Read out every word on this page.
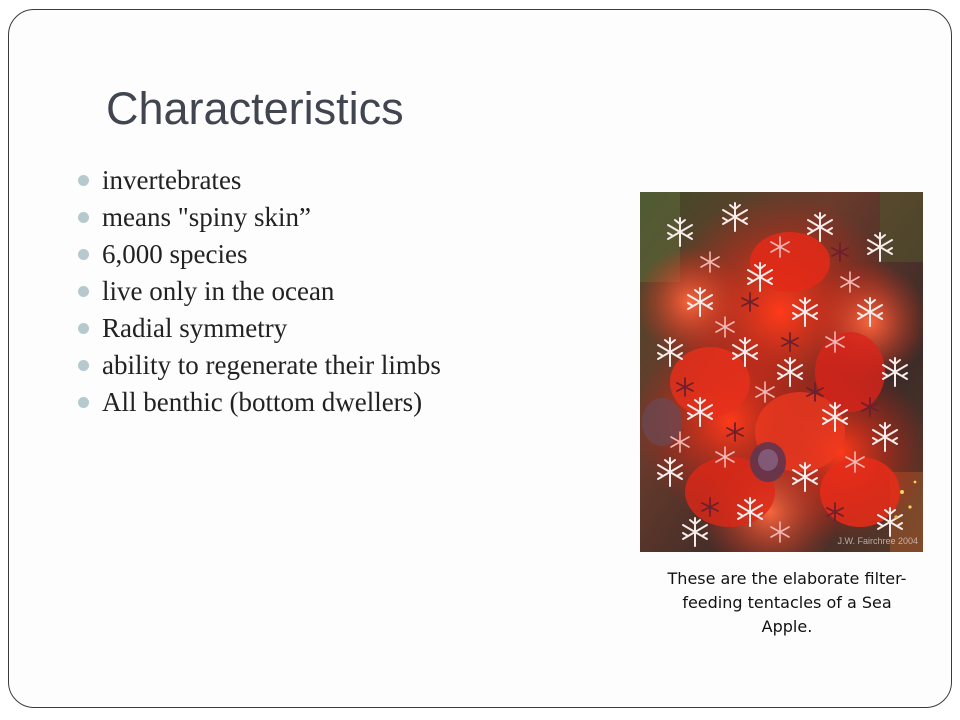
Characteristics
invertebrates
means "spiny skin”
6,000 species
live only in the ocean
Radial symmetry
ability to regenerate their limbs
All benthic (bottom dwellers)
J.W. Fairchree 2004

These are the elaborate filter-feeding tentacles of a Sea Apple.
